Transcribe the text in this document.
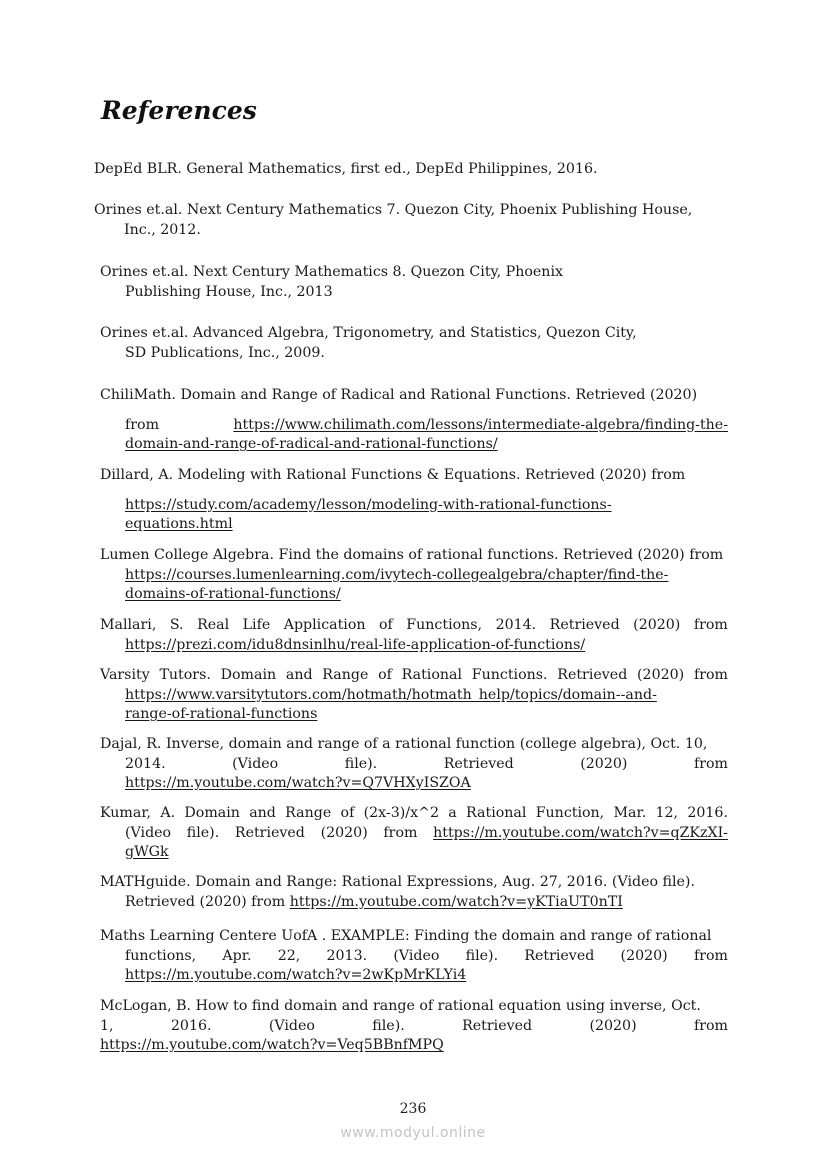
References
DepEd BLR. General Mathematics, first ed., DepEd Philippines, 2016.
Orines et.al. Next Century Mathematics 7. Quezon City, Phoenix Publishing House,
Inc., 2012.
Orines et.al. Next Century Mathematics 8. Quezon City, Phoenix
Publishing House, Inc., 2013
Orines et.al. Advanced Algebra, Trigonometry, and Statistics, Quezon City,
SD Publications, Inc., 2009.
ChiliMath. Domain and Range of Radical and Rational Functions. Retrieved (2020)
from	https://www.chilimath.com/lessons/intermediate-algebra/finding-the-
domain-and-range-of-radical-and-rational-functions/
Dillard, A. Modeling with Rational Functions & Equations. Retrieved (2020) from
https://study.com/academy/lesson/modeling-with-rational-functions-
equations.html
Lumen College Algebra. Find the domains of rational functions. Retrieved (2020) from
https://courses.lumenlearning.com/ivytech-collegealgebra/chapter/find-the-
domains-of-rational-functions/
Mallari, S. Real Life Application of Functions, 2014. Retrieved (2020) from
https://prezi.com/idu8dnsinlhu/real-life-application-of-functions/
Varsity Tutors. Domain and Range of Rational Functions. Retrieved (2020) from
https://www.varsitytutors.com/hotmath/hotmath_help/topics/domain--and-
range-of-rational-functions
Dajal, R. Inverse, domain and range of a rational function (college algebra), Oct. 10,
2014.	(Video	file).	Retrieved	(2020)	from
https://m.youtube.com/watch?v=Q7VHXyISZOA
Kumar, A. Domain and Range of (2x-3)/x^2 a Rational Function, Mar. 12, 2016.
(Video file). Retrieved (2020) from https://m.youtube.com/watch?v=qZKzXI-
gWGk
MATHguide. Domain and Range: Rational Expressions, Aug. 27, 2016. (Video file).
Retrieved (2020) from https://m.youtube.com/watch?v=yKTiaUT0nTI
Maths Learning Centere UofA . EXAMPLE: Finding the domain and range of rational
functions, Apr. 22, 2013. (Video file). Retrieved (2020) from
https://m.youtube.com/watch?v=2wKpMrKLYi4
McLogan, B. How to find domain and range of rational equation using inverse, Oct.
1,	2016.	(Video	file).	Retrieved	(2020)	from
https://m.youtube.com/watch?v=Veq5BBnfMPQ
236
www.modyul.online
